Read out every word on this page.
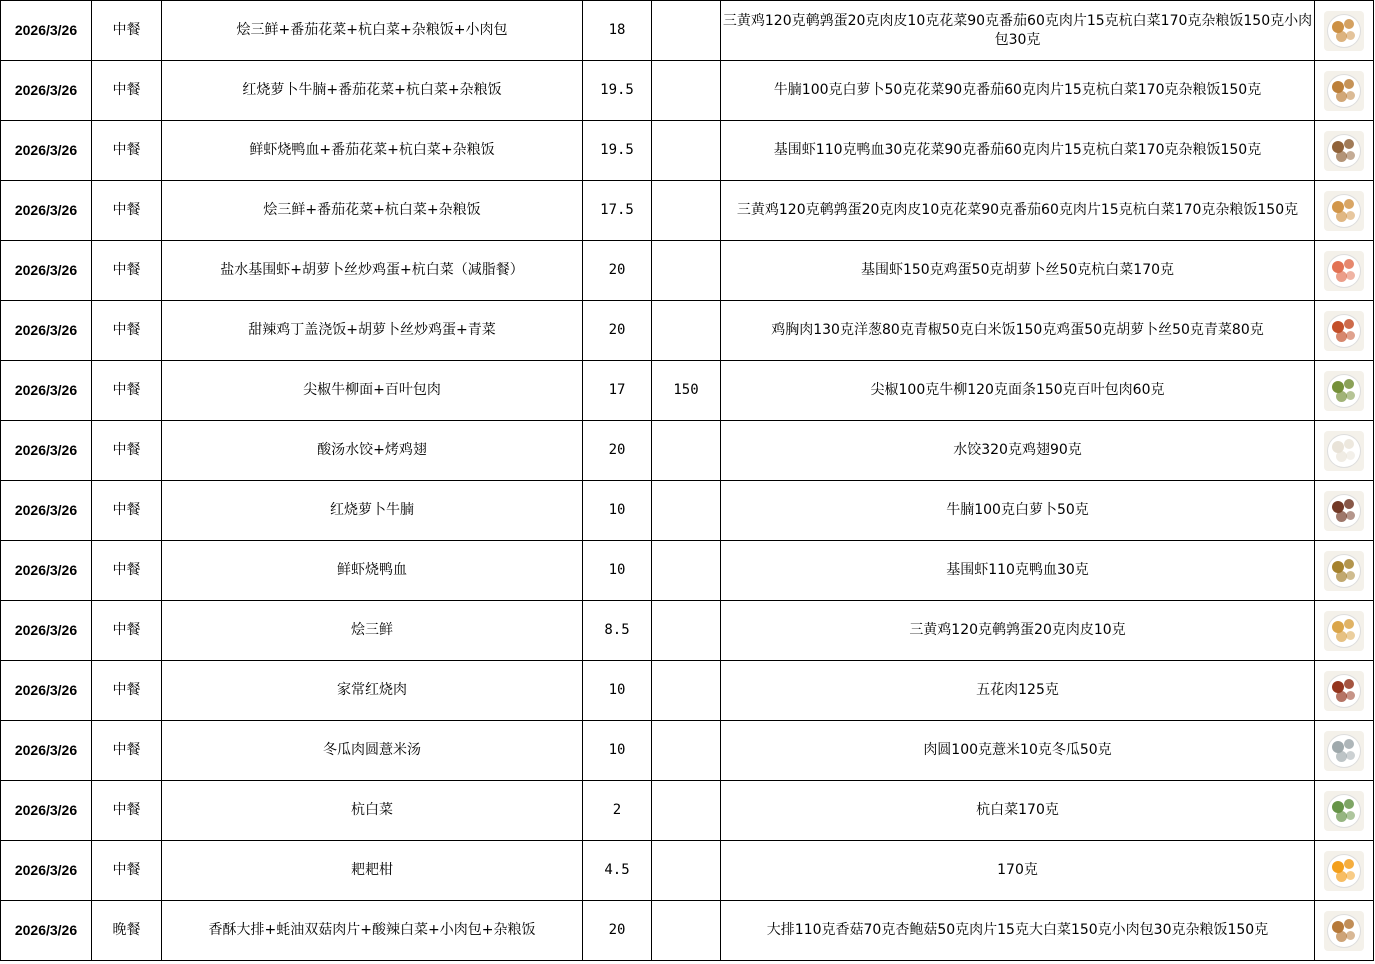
2026/3/26	中餐	烩三鲜+番茄花菜+杭白菜+杂粮饭+小肉包	18		三黄鸡120克鹌鹑蛋20克肉皮10克花菜90克番茄60克肉片15克杭白菜170克杂粮饭150克小肉包30克	

2026/3/26	中餐	红烧萝卜牛腩+番茄花菜+杭白菜+杂粮饭	19.5		牛腩100克白萝卜50克花菜90克番茄60克肉片15克杭白菜170克杂粮饭150克	

2026/3/26	中餐	鲜虾烧鸭血+番茄花菜+杭白菜+杂粮饭	19.5		基围虾110克鸭血30克花菜90克番茄60克肉片15克杭白菜170克杂粮饭150克	

2026/3/26	中餐	烩三鲜+番茄花菜+杭白菜+杂粮饭	17.5		三黄鸡120克鹌鹑蛋20克肉皮10克花菜90克番茄60克肉片15克杭白菜170克杂粮饭150克	

2026/3/26	中餐	盐水基围虾+胡萝卜丝炒鸡蛋+杭白菜（减脂餐）	20		基围虾150克鸡蛋50克胡萝卜丝50克杭白菜170克	

2026/3/26	中餐	甜辣鸡丁盖浇饭+胡萝卜丝炒鸡蛋+青菜	20		鸡胸肉130克洋葱80克青椒50克白米饭150克鸡蛋50克胡萝卜丝50克青菜80克	

2026/3/26	中餐	尖椒牛柳面+百叶包肉	17	150	尖椒100克牛柳120克面条150克百叶包肉60克	

2026/3/26	中餐	酸汤水饺+烤鸡翅	20		水饺320克鸡翅90克	

2026/3/26	中餐	红烧萝卜牛腩	10		牛腩100克白萝卜50克	

2026/3/26	中餐	鲜虾烧鸭血	10		基围虾110克鸭血30克	

2026/3/26	中餐	烩三鲜	8.5		三黄鸡120克鹌鹑蛋20克肉皮10克	

2026/3/26	中餐	家常红烧肉	10		五花肉125克	

2026/3/26	中餐	冬瓜肉圆薏米汤	10		肉圆100克薏米10克冬瓜50克	

2026/3/26	中餐	杭白菜	2		杭白菜170克	

2026/3/26	中餐	耙耙柑	4.5		170克	

2026/3/26	晚餐	香酥大排+蚝油双菇肉片+酸辣白菜+小肉包+杂粮饭	20		大排110克香菇70克杏鲍菇50克肉片15克大白菜150克小肉包30克杂粮饭150克	
